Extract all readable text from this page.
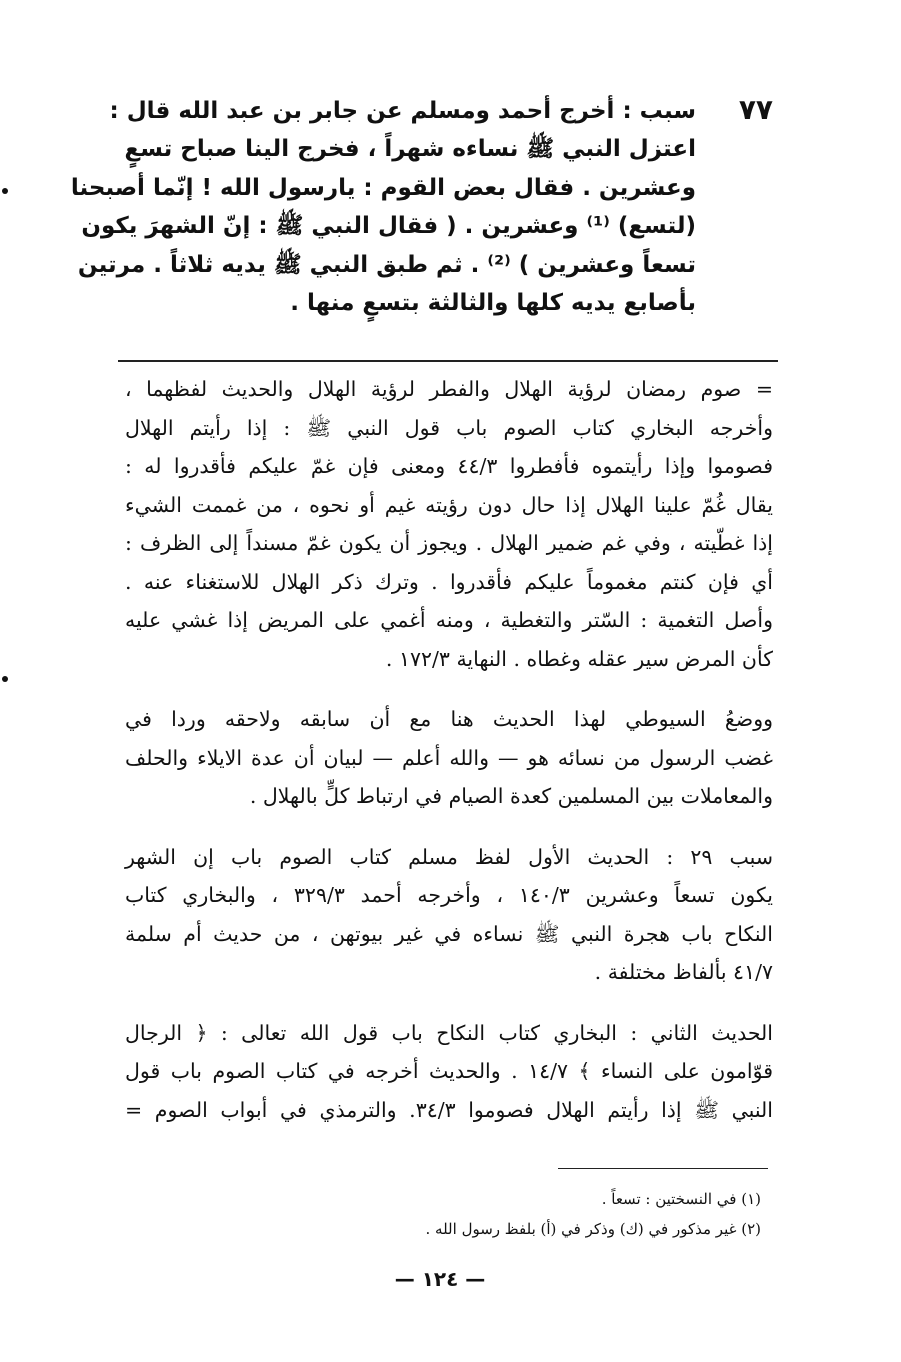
٧٧
سبب : أخرج أحمد ومسلم عن جابر بن عبد الله قال :
اعتزل النبي ﷺ نساءه شهراً ، فخرج الينا صباح تسعٍ
وعشرين . فقال بعض القوم : يارسول الله ! إنّما أصبحنا
(لتسع) ⁽¹⁾ وعشرين . ( فقال النبي ﷺ : إنّ الشهرَ يكون
تسعاً وعشرين ) ⁽²⁾ . ثم طبق النبي ﷺ يديه ثلاثاً . مرتين
بأصابع يديه كلها والثالثة بتسعٍ منها .
= صوم رمضان لرؤية الهلال والفطر لرؤية الهلال والحديث لفظهما ،
وأخرجه البخاري كتاب الصوم باب قول النبي ﷺ : إذا رأيتم الهلال
فصوموا وإذا رأيتموه فأفطروا ٤٤/٣ ومعنى فإن غمّ عليكم فأقدروا له :
يقال غُمّ علينا الهلال إذا حال دون رؤيته غيم أو نحوه ، من غممت الشيء
إذا غطّيته ، وفي غم ضمير الهلال . ويجوز أن يكون غمّ مسنداً إلى الظرف :
أي فإن كنتم مغموماً عليكم فأقدروا . وترك ذكر الهلال للاستغناء عنه .
وأصل التغمية : السّتر والتغطية ، ومنه أغمي على المريض إذا غشي عليه
كأن المرض سير عقله وغطاه . النهاية ١٧٢/٣ .
ووضعُ السيوطي لهذا الحديث هنا مع أن سابقه ولاحقه وردا في
غضب الرسول من نسائه هو — والله أعلم — لبيان أن عدة الايلاء والحلف
والمعاملات بين المسلمين كعدة الصيام في ارتباط كلٍّ بالهلال .
سبب ٢٩ : الحديث الأول لفظ مسلم كتاب الصوم باب إن الشهر
يكون تسعاً وعشرين ١٤٠/٣ ، وأخرجه أحمد ٣٢٩/٣ ، والبخاري كتاب
النكاح باب هجرة النبي ﷺ نساءه في غير بيوتهن ، من حديث أم سلمة
٤١/٧ بألفاظ مختلفة .
الحديث الثاني : البخاري كتاب النكاح باب قول الله تعالى : ﴿ الرجال
قوّامون على النساء ﴾ ١٤/٧ . والحديث أخرجه في كتاب الصوم باب قول
النبي ﷺ إذا رأيتم الهلال فصوموا ٣٤/٣. والترمذي في أبواب الصوم =
(١) في النسختين : تسعاً .
(٢) غير مذكور في (ك) وذكر في (أ) بلفظ رسول الله .
— ١٢٤ —
